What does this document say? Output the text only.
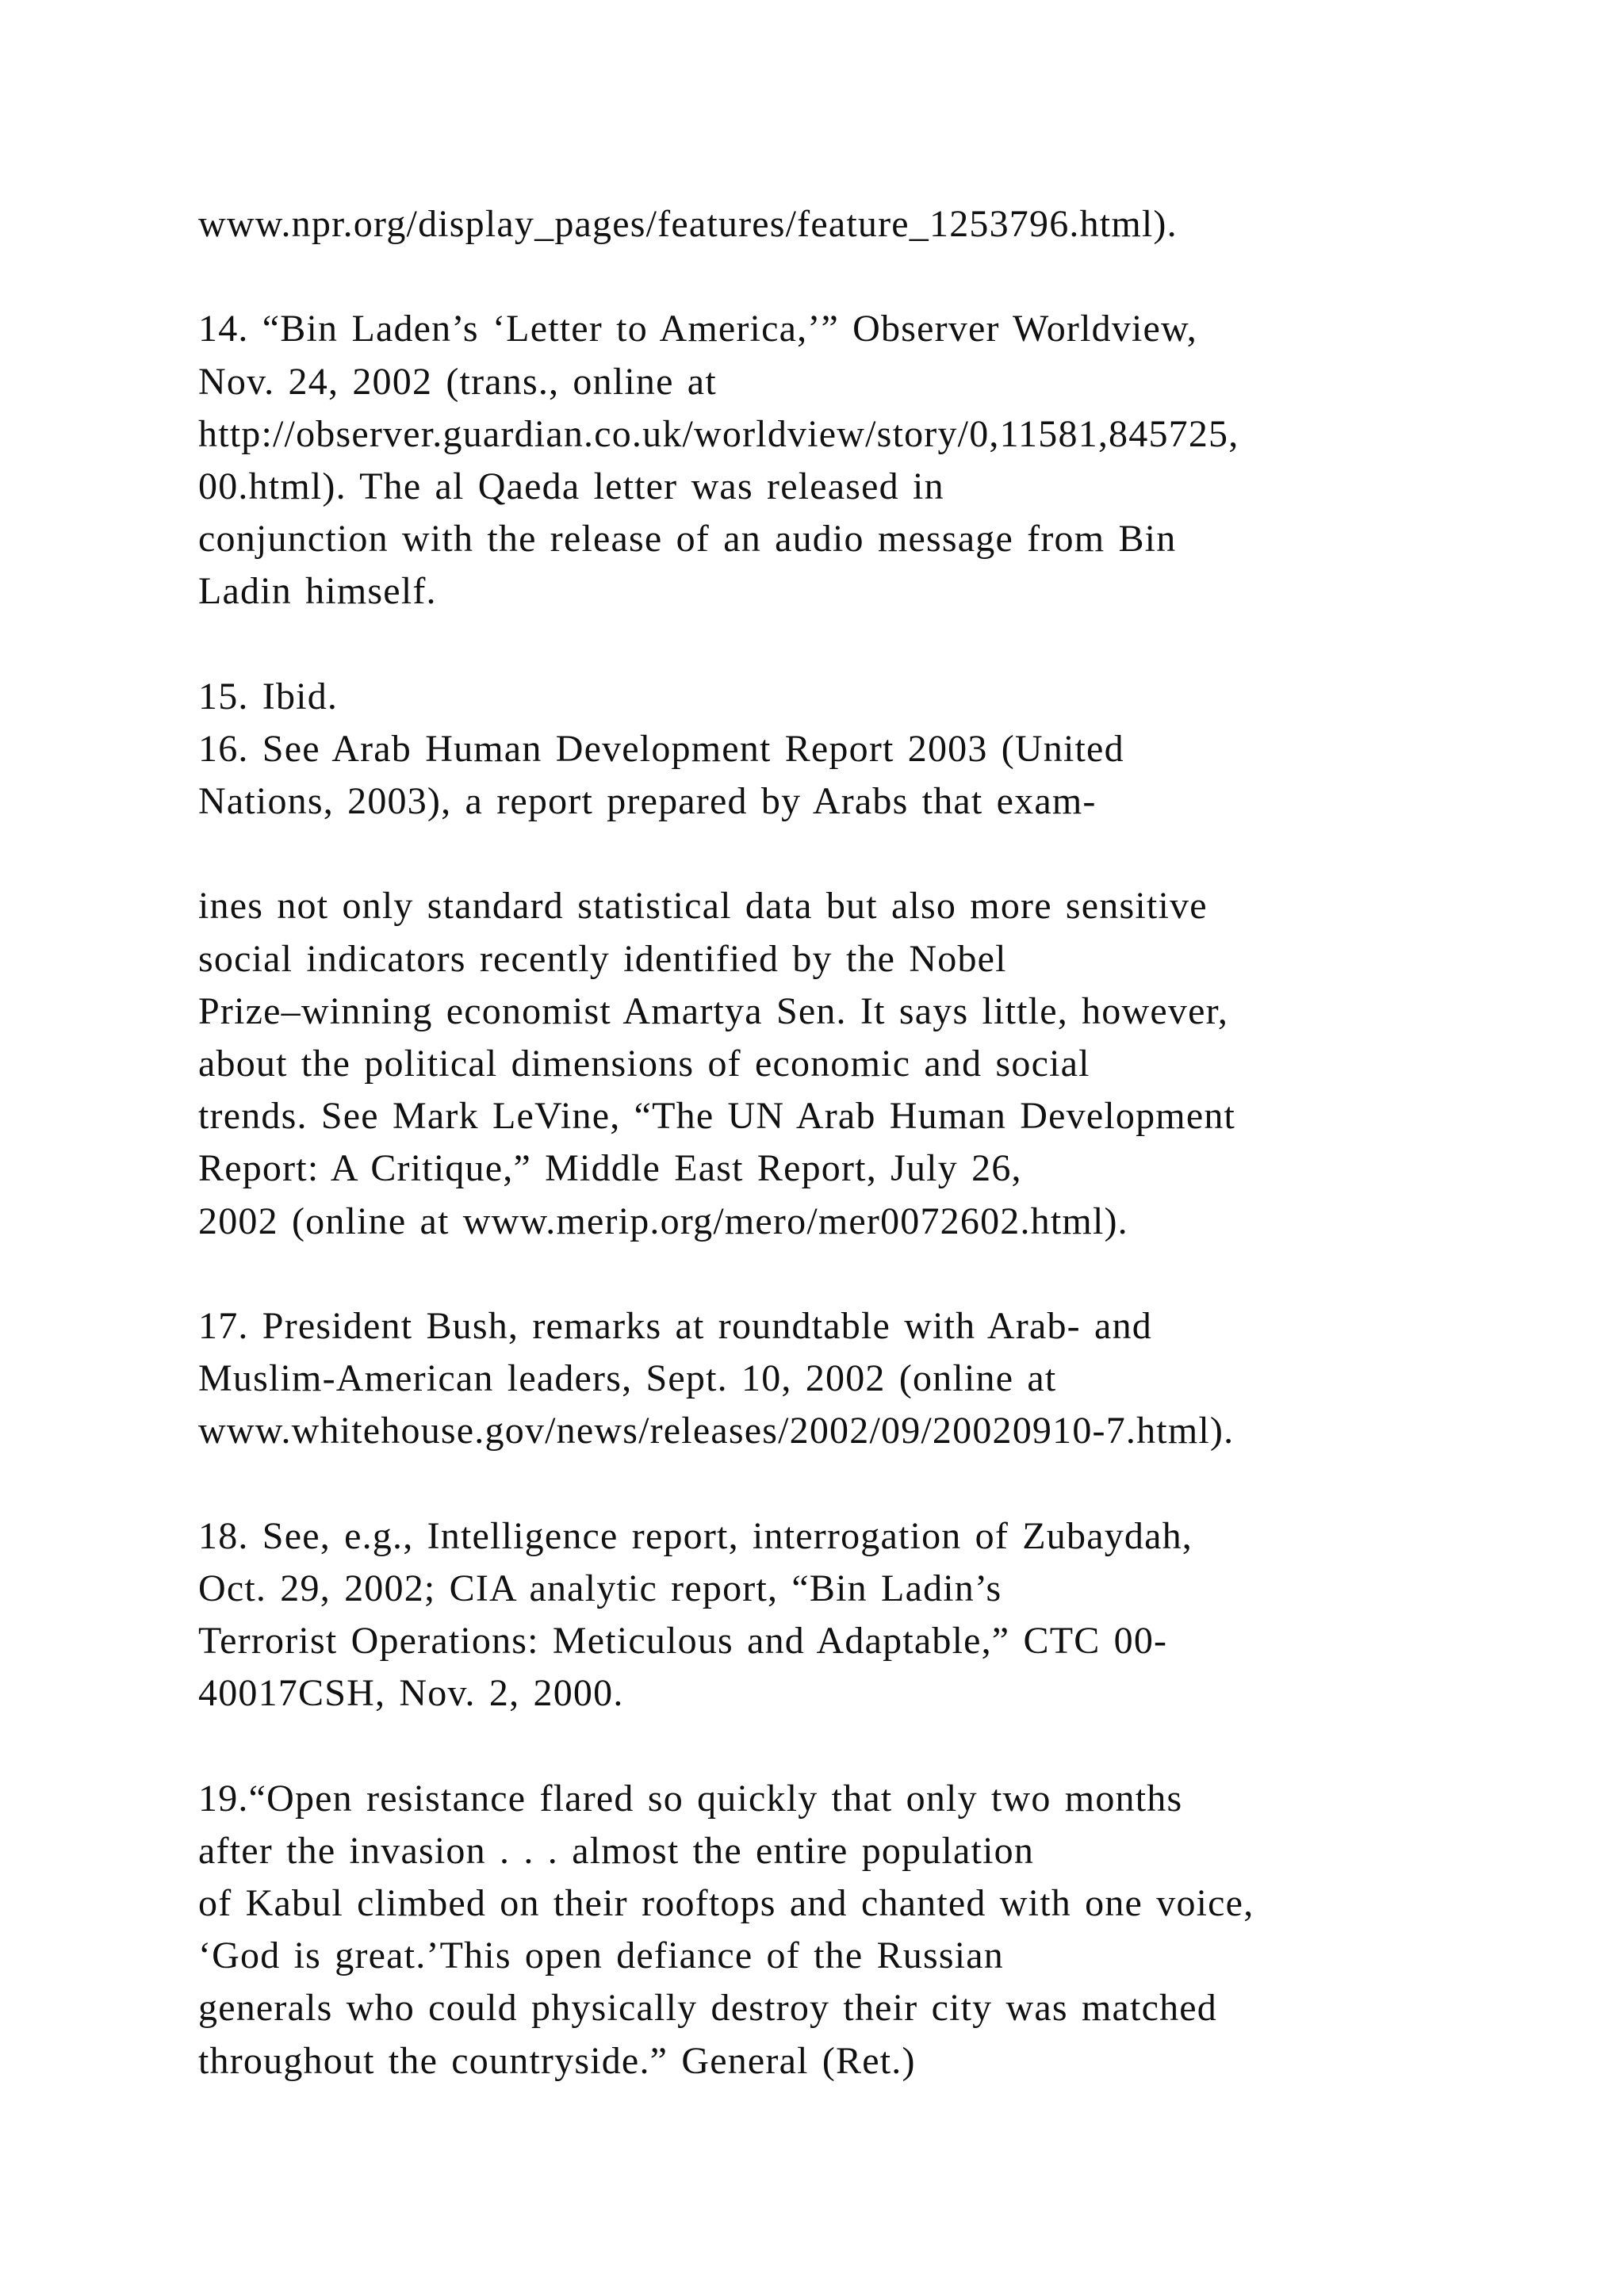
www.npr.org/display_pages/features/feature_1253796.html).
14. “Bin Laden’s ‘Letter to America,’” Observer Worldview,
Nov. 24, 2002 (trans., online at
http://observer.guardian.co.uk/worldview/story/0,11581,845725,
00.html). The al Qaeda letter was released in
conjunction with the release of an audio message from Bin
Ladin himself.
15. Ibid.
16. See Arab Human Development Report 2003 (United
Nations, 2003), a report prepared by Arabs that exam-
ines not only standard statistical data but also more sensitive
social indicators recently identified by the Nobel
Prize–winning economist Amartya Sen. It says little, however,
about the political dimensions of economic and social
trends. See Mark LeVine, “The UN Arab Human Development
Report: A Critique,” Middle East Report, July 26,
2002 (online at www.merip.org/mero/mer0072602.html).
17. President Bush, remarks at roundtable with Arab- and
Muslim-American leaders, Sept. 10, 2002 (online at
www.whitehouse.gov/news/releases/2002/09/20020910-7.html).
18. See, e.g., Intelligence report, interrogation of Zubaydah,
Oct. 29, 2002; CIA analytic report, “Bin Ladin’s
Terrorist Operations: Meticulous and Adaptable,” CTC 00-
40017CSH, Nov. 2, 2000.
19.“Open resistance flared so quickly that only two months
after the invasion . . . almost the entire population
of Kabul climbed on their rooftops and chanted with one voice,
‘God is great.’This open defiance of the Russian
generals who could physically destroy their city was matched
throughout the countryside.” General (Ret.)
